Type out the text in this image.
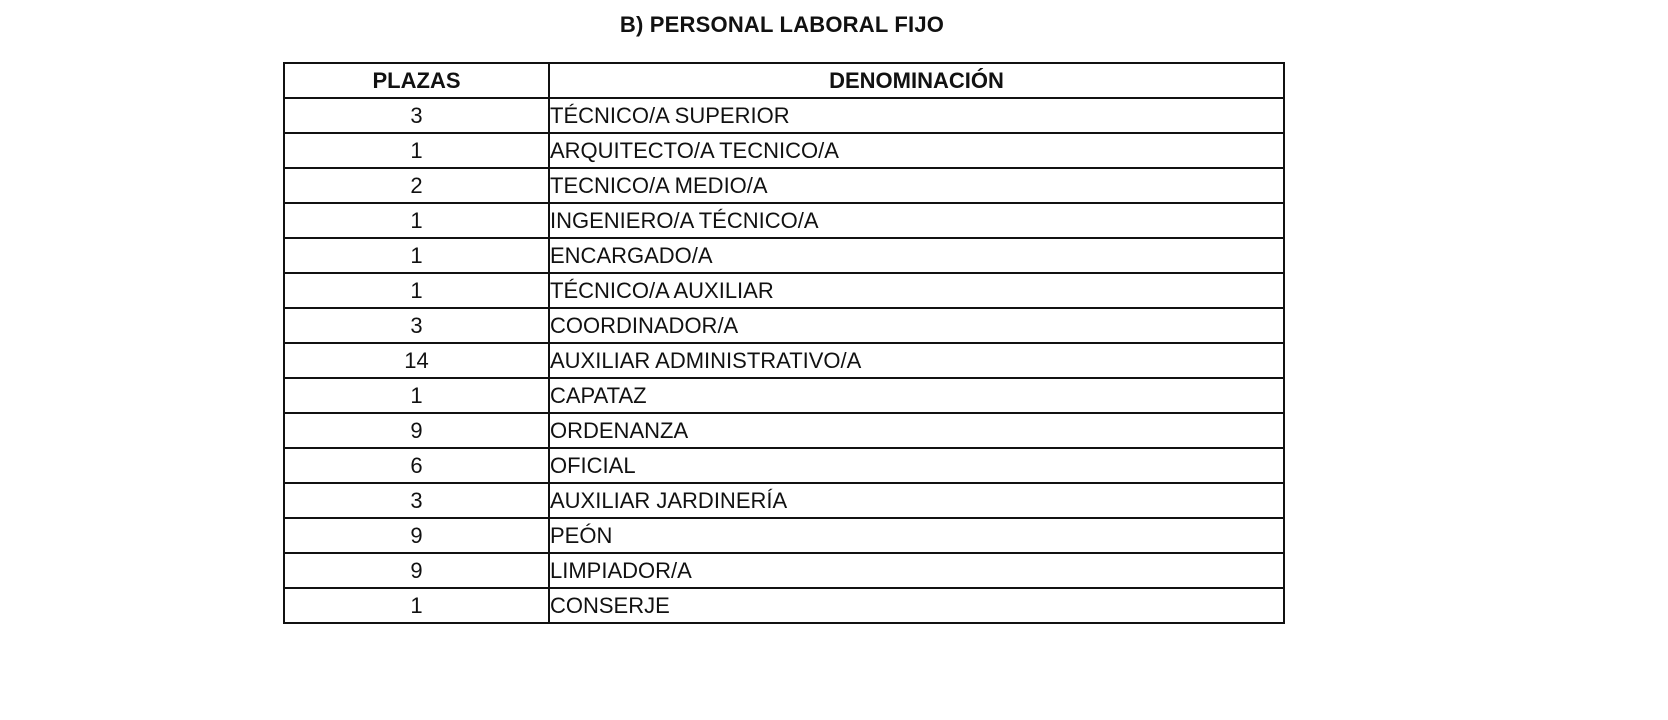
B) PERSONAL LABORAL FIJO
PLAZAS	DENOMINACIÓN
3	TÉCNICO/A SUPERIOR
1	ARQUITECTO/A TECNICO/A
2	TECNICO/A MEDIO/A
1	INGENIERO/A TÉCNICO/A
1	ENCARGADO/A
1	TÉCNICO/A AUXILIAR
3	COORDINADOR/A
14	AUXILIAR ADMINISTRATIVO/A
1	CAPATAZ
9	ORDENANZA
6	OFICIAL
3	AUXILIAR JARDINERÍA
9	PEÓN
9	LIMPIADOR/A
1	CONSERJE
